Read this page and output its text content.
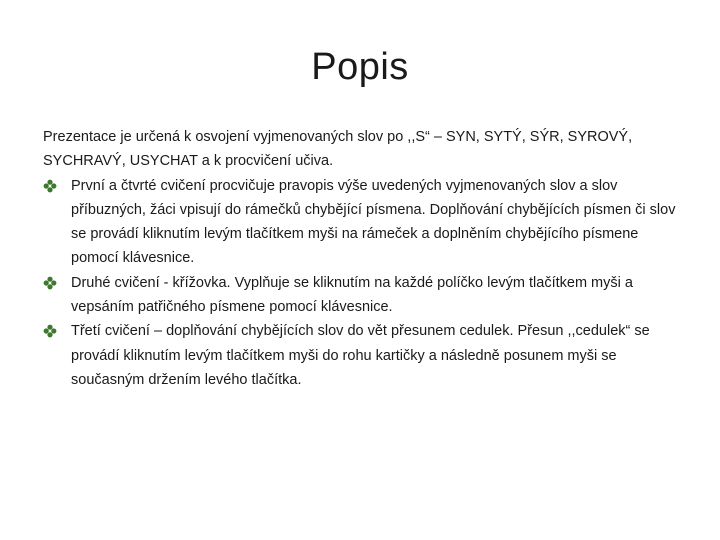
Popis

Prezentace je určená k osvojení vyjmenovaných slov po ,,S“ – SYN, SYTÝ, SÝR, SYROVÝ, SYCHRAVÝ, USYCHAT a k procvičení učiva.

První a čtvrté cvičení procvičuje pravopis výše uvedených vyjmenovaných slov a slov příbuzných, žáci vpisují do rámečků chybějící písmena. Doplňování chybějících písmen či slov se provádí kliknutím levým tlačítkem myši na rámeček a doplněním chybějícího písmene pomocí klávesnice.
Druhé cvičení - křížovka. Vyplňuje se kliknutím na každé políčko levým tlačítkem myši a vepsáním patřičného písmene pomocí klávesnice.
Třetí cvičení – doplňování chybějících slov do vět přesunem cedulek. Přesun ,,cedulek“ se provádí kliknutím levým tlačítkem myši do rohu kartičky a následně posunem myši se současným držením levého tlačítka.
